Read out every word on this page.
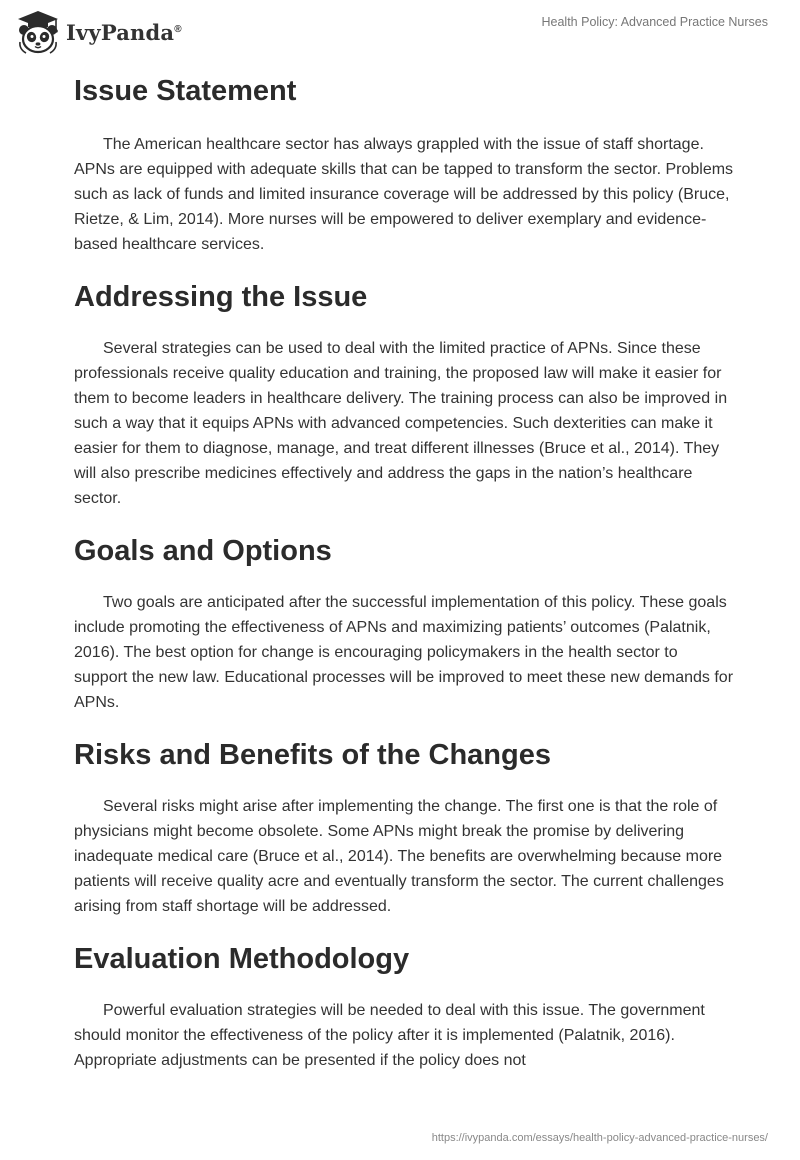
IvyPanda®	Health Policy: Advanced Practice Nurses
Issue Statement

The American healthcare sector has always grappled with the issue of staff shortage. APNs are equipped with adequate skills that can be tapped to transform the sector. Problems such as lack of funds and limited insurance coverage will be addressed by this policy (Bruce, Rietze, & Lim, 2014). More nurses will be empowered to deliver exemplary and evidence-based healthcare services.

Addressing the Issue

Several strategies can be used to deal with the limited practice of APNs. Since these professionals receive quality education and training, the proposed law will make it easier for them to become leaders in healthcare delivery. The training process can also be improved in such a way that it equips APNs with advanced competencies. Such dexterities can make it easier for them to diagnose, manage, and treat different illnesses (Bruce et al., 2014). They will also prescribe medicines effectively and address the gaps in the nation’s healthcare sector.

Goals and Options

Two goals are anticipated after the successful implementation of this policy. These goals include promoting the effectiveness of APNs and maximizing patients’ outcomes (Palatnik, 2016). The best option for change is encouraging policymakers in the health sector to support the new law. Educational processes will be improved to meet these new demands for APNs.

Risks and Benefits of the Changes

Several risks might arise after implementing the change. The first one is that the role of physicians might become obsolete. Some APNs might break the promise by delivering inadequate medical care (Bruce et al., 2014). The benefits are overwhelming because more patients will receive quality acre and eventually transform the sector. The current challenges arising from staff shortage will be addressed.

Evaluation Methodology

Powerful evaluation strategies will be needed to deal with this issue. The government should monitor the effectiveness of the policy after it is implemented (Palatnik, 2016). Appropriate adjustments can be presented if the policy does not

https://ivypanda.com/essays/health-policy-advanced-practice-nurses/
